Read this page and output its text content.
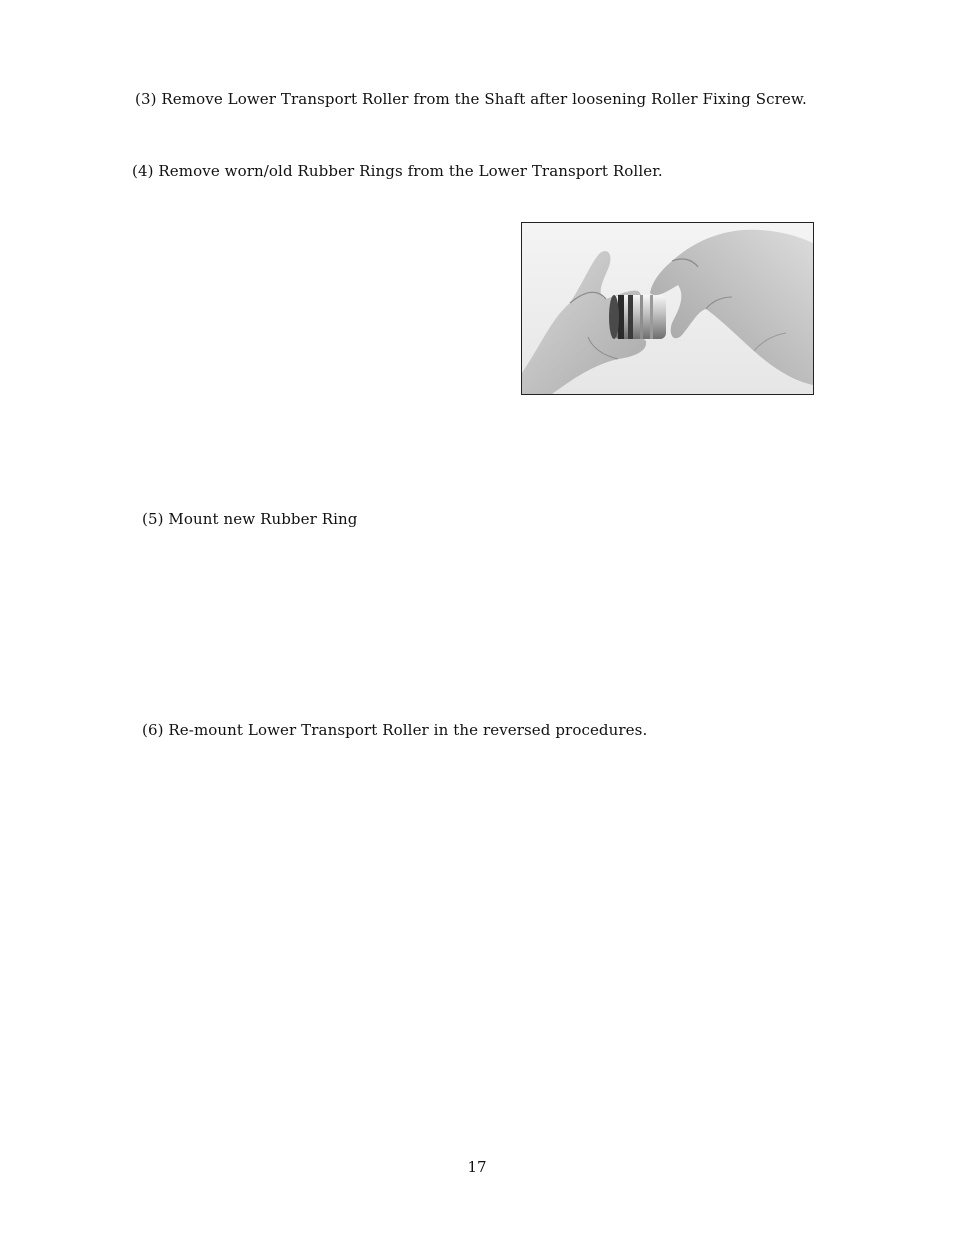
(3) Remove Lower Transport Roller from the Shaft after loosening Roller Fixing Screw.
(4) Remove worn/old Rubber Rings from the Lower Transport Roller.
(5) Mount new Rubber Ring
(6) Re-mount Lower Transport Roller in the reversed procedures.
17
